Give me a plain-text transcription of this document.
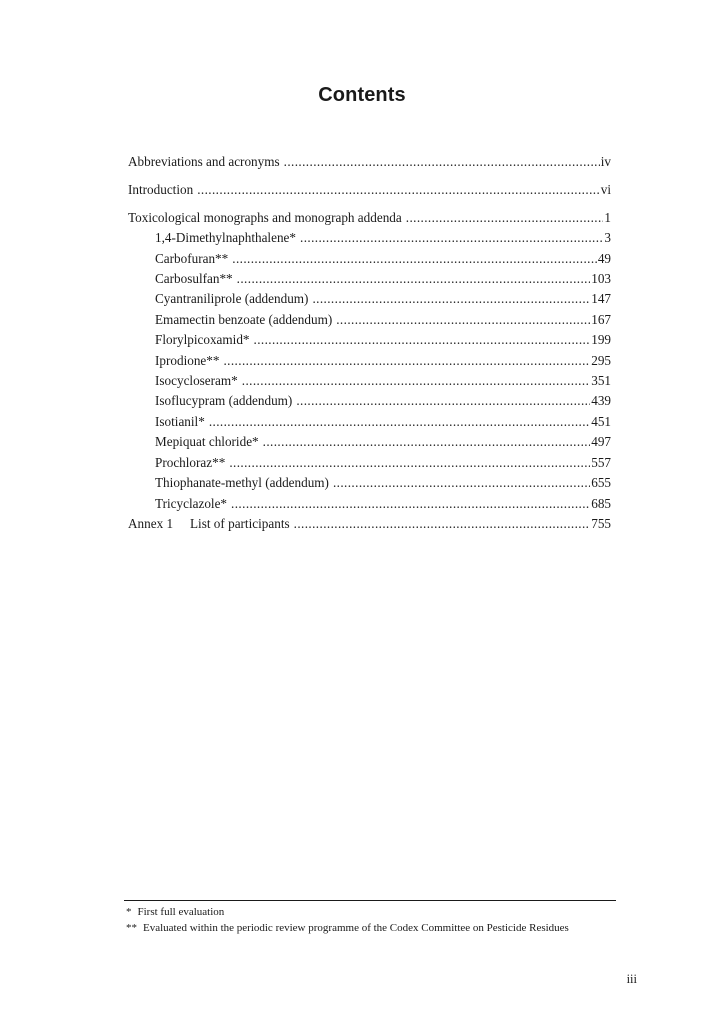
Contents
Abbreviations and acronyms .....	iv
Introduction .....	vi
Toxicological monographs and monograph addenda .....	1
1,4-Dimethylnaphthalene* .....	3
Carbofuran** .....	49
Carbosulfan** .....	103
Cyantraniliprole (addendum) .....	147
Emamectin benzoate (addendum) .....	167
Florylpicoxamid* .....	199
Iprodione** .....	295
Isocycloseram* .....	351
Isoflucypram (addendum) .....	439
Isotianil* .....	451
Mepiquat chloride* .....	497
Prochloraz** .....	557
Thiophanate-methyl (addendum) .....	655
Tricyclazole* .....	685
Annex 1 List of participants .....	755
* First full evaluation
** Evaluated within the periodic review programme of the Codex Committee on Pesticide Residues
iii
